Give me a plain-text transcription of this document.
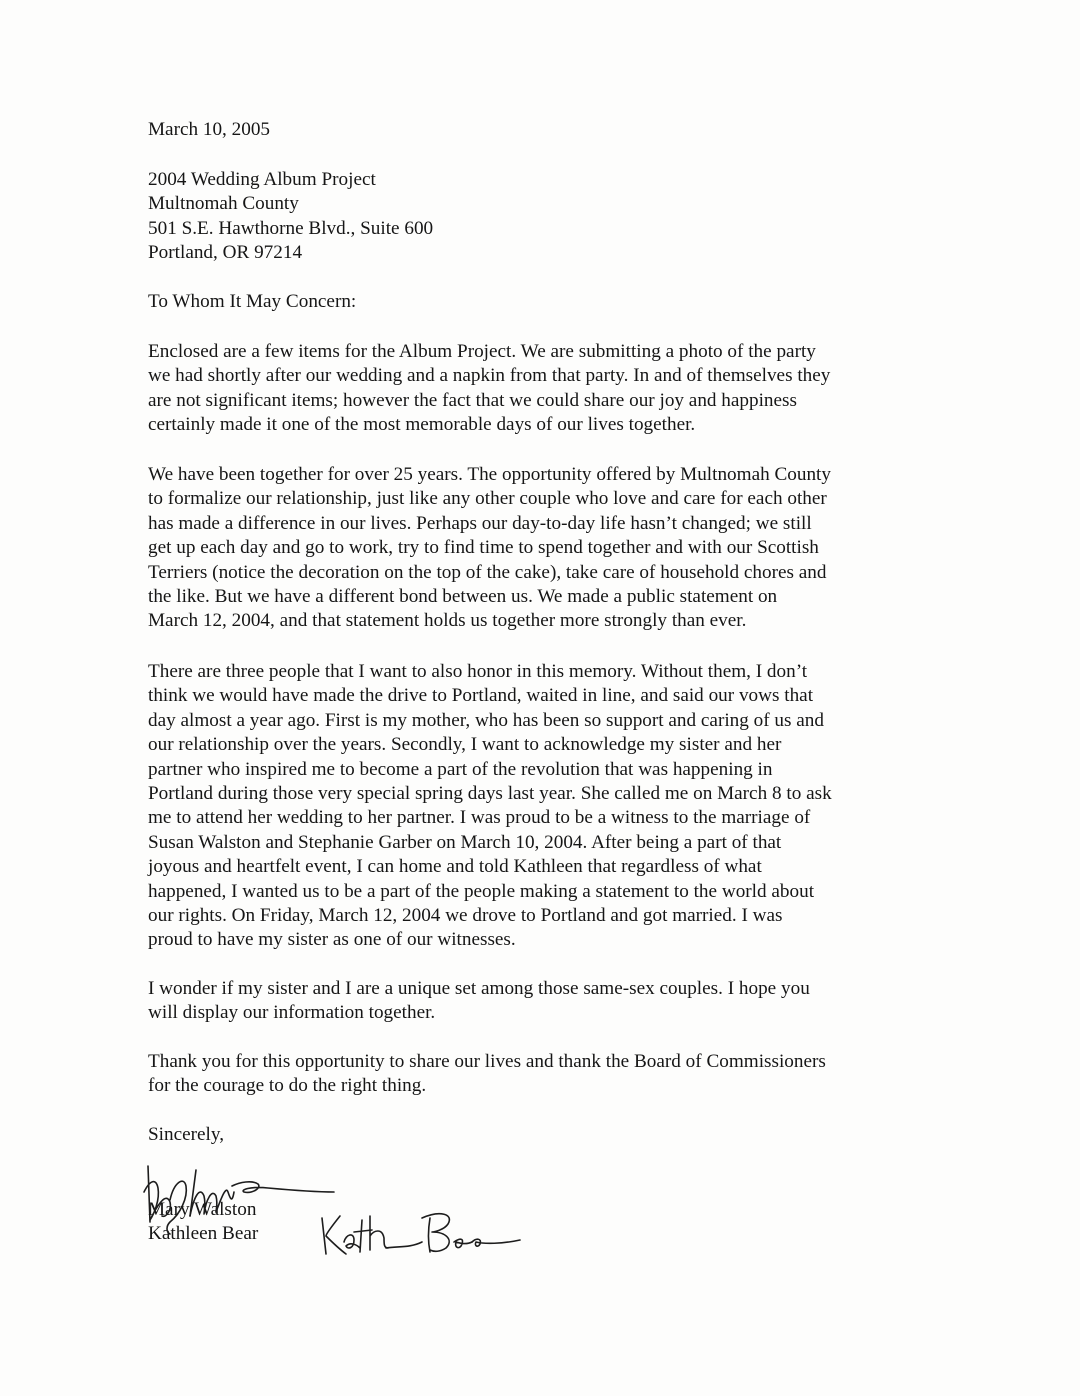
March 10, 2005
2004 Wedding Album Project
Multnomah County
501 S.E. Hawthorne Blvd., Suite 600
Portland, OR 97214
To Whom It May Concern:
Enclosed are a few items for the Album Project. We are submitting a photo of the party
we had shortly after our wedding and a napkin from that party. In and of themselves they
are not significant items; however the fact that we could share our joy and happiness
certainly made it one of the most memorable days of our lives together.
We have been together for over 25 years. The opportunity offered by Multnomah County
to formalize our relationship, just like any other couple who love and care for each other
has made a difference in our lives. Perhaps our day-to-day life hasn’t changed; we still
get up each day and go to work, try to find time to spend together and with our Scottish
Terriers (notice the decoration on the top of the cake), take care of household chores and
the like. But we have a different bond between us. We made a public statement on
March 12, 2004, and that statement holds us together more strongly than ever.
There are three people that I want to also honor in this memory. Without them, I don’t
think we would have made the drive to Portland, waited in line, and said our vows that
day almost a year ago. First is my mother, who has been so support and caring of us and
our relationship over the years. Secondly, I want to acknowledge my sister and her
partner who inspired me to become a part of the revolution that was happening in
Portland during those very special spring days last year. She called me on March 8 to ask
me to attend her wedding to her partner. I was proud to be a witness to the marriage of
Susan Walston and Stephanie Garber on March 10, 2004. After being a part of that
joyous and heartfelt event, I can home and told Kathleen that regardless of what
happened, I wanted us to be a part of the people making a statement to the world about
our rights. On Friday, March 12, 2004 we drove to Portland and got married. I was
proud to have my sister as one of our witnesses.
I wonder if my sister and I are a unique set among those same-sex couples. I hope you
will display our information together.
Thank you for this opportunity to share our lives and thank the Board of Commissioners
for the courage to do the right thing.
Sincerely,
Mary Walston
Kathleen Bear
